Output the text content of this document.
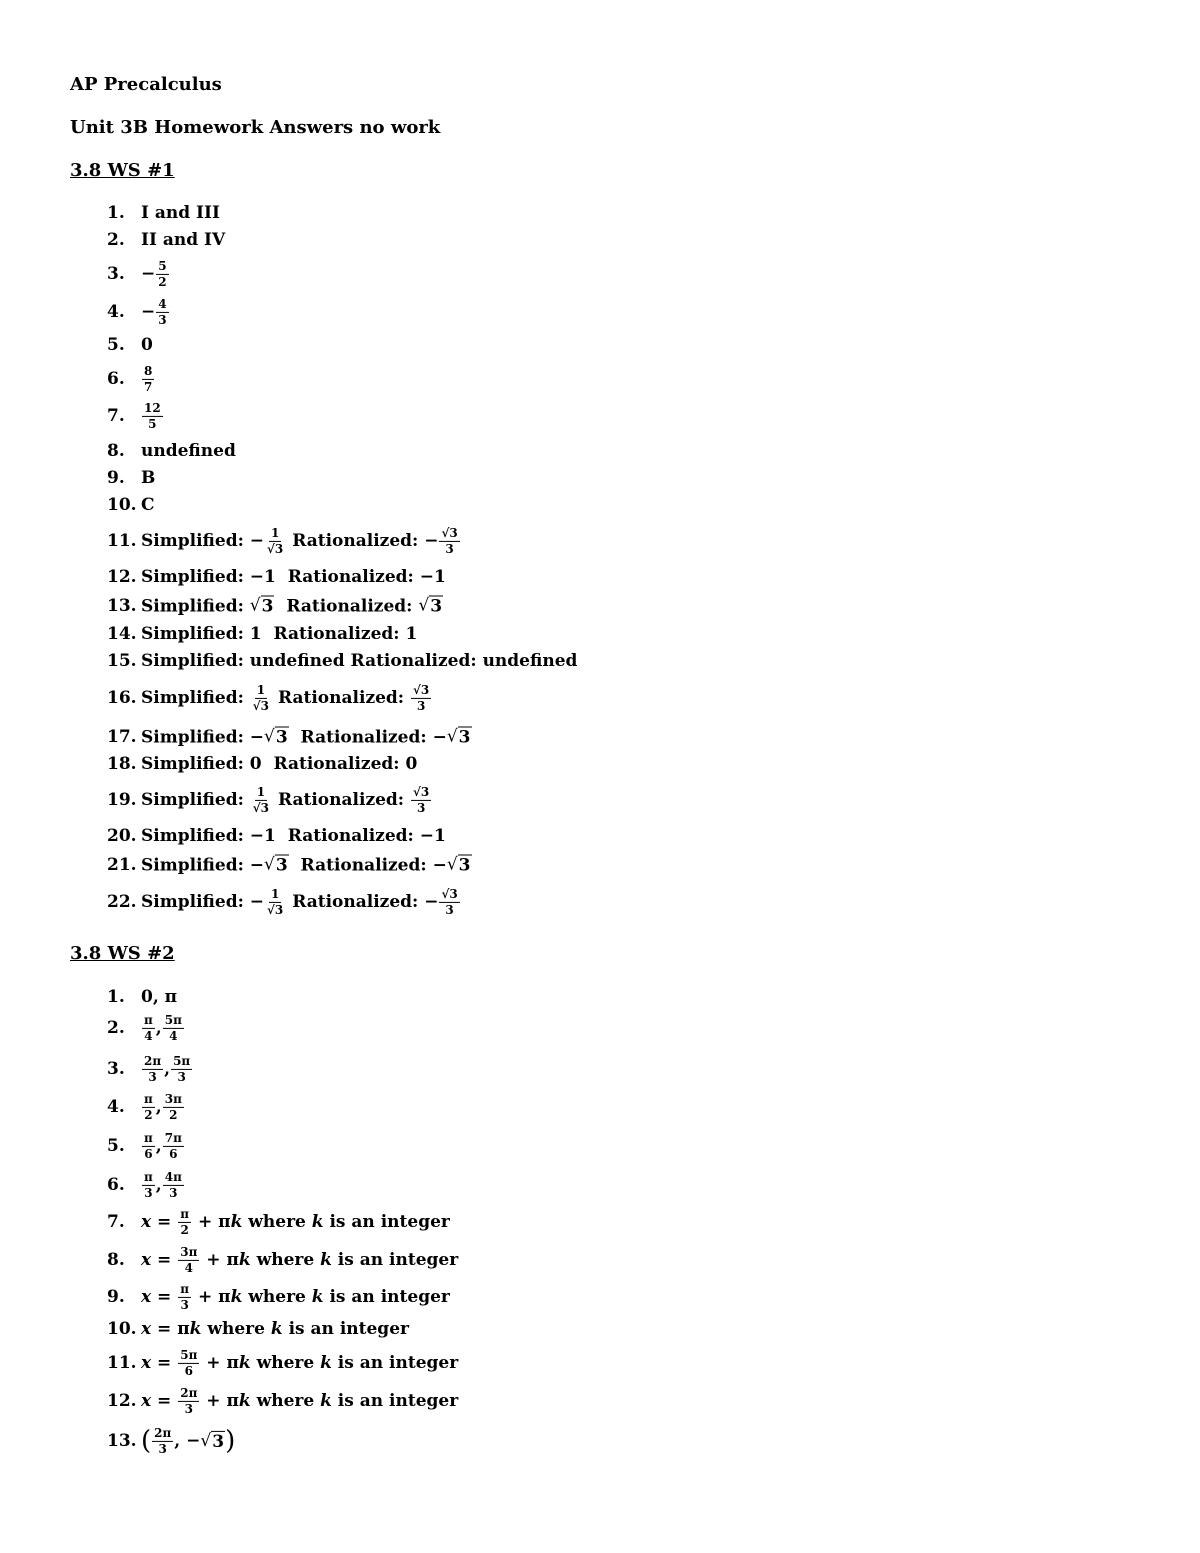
AP Precalculus
Unit 3B Homework Answers no work
3.8 WS #1
1. I and III
2. II and IV
3. − $\frac{5}{2}$
4. − $\frac{4}{3}$
5. 0
6. $\frac{8}{7}$
7. $\frac{12}{5}$
8. undefined
9. B
10. C
11. Simplified: − $\frac{1}{√3}$ Rationalized: − $\frac{√3}{3}$
12. Simplified: −1  Rationalized: −1
13. Simplified: √ 3 Rationalized: √ 3
14. Simplified: 1  Rationalized: 1
15. Simplified: undefined Rationalized: undefined
16. Simplified: $\frac{1}{√3}$ Rationalized: $\frac{√3}{3}$
17. Simplified: − √ 3 Rationalized: − √ 3
18. Simplified: 0  Rationalized: 0
19. Simplified: $\frac{1}{√3}$ Rationalized: $\frac{√3}{3}$
20. Simplified: −1  Rationalized: −1
21. Simplified: − √ 3 Rationalized: − √ 3
22. Simplified: − $\frac{1}{√3}$ Rationalized: − $\frac{√3}{3}$
3.8 WS #2
1. 0, π
2. $\frac{\pi}{4}$ , $\frac{5\pi}{4}$
3. $\frac{2\pi}{3}$ , $\frac{5\pi}{3}$
4. $\frac{\pi}{2}$ , $\frac{3\pi}{2}$
5. $\frac{\pi}{6}$ , $\frac{7\pi}{6}$
6. $\frac{\pi}{3}$ , $\frac{4\pi}{3}$
7. $x = \frac{\pi}{2} + \pi$ k where k is an integer
8. $x = \frac{3\pi}{4} + \pi$ k where k is an integer
9. $x = \frac{\pi}{3} + \pi$ k where k is an integer
10. x = π k where k is an integer
11. $x = \frac{5\pi}{6} + \pi$ k where k is an integer
12. $x = \frac{2\pi}{3} + \pi$ k where k is an integer
13. ( $\frac{2\pi}{3}$ , − √ 3 )
